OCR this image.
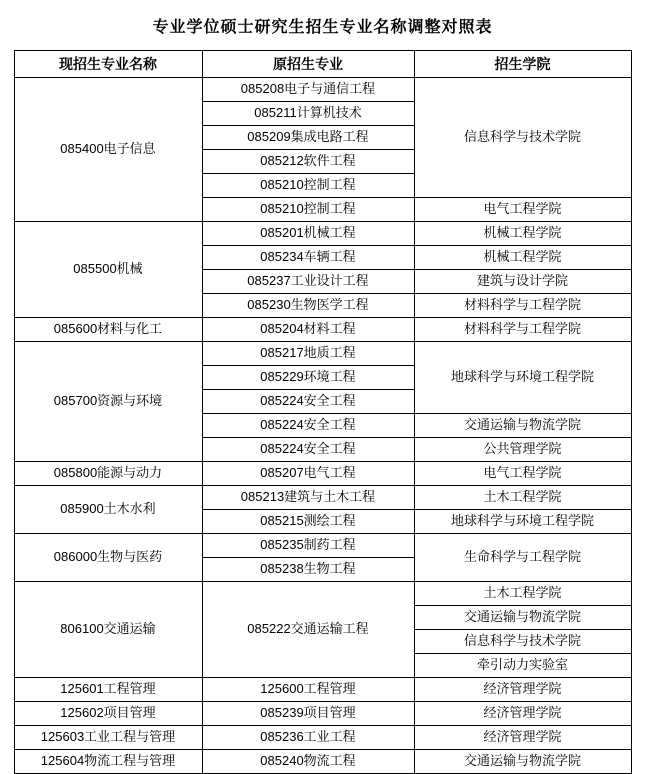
专业学位硕士研究生招生专业名称调整对照表
现招生专业名称	原招生专业	招生学院
085400电子信息	085208电子与通信工程	信息科学与技术学院
	085211计算机技术	
	085209集成电路工程	
	085212软件工程	
	085210控制工程	
	085210控制工程	电气工程学院
085500机械	085201机械工程	机械工程学院
	085234车辆工程	机械工程学院
	085237工业设计工程	建筑与设计学院
	085230生物医学工程	材料科学与工程学院
085600材料与化工	085204材料工程	材料科学与工程学院
085700资源与环境	085217地质工程	地球科学与环境工程学院
	085229环境工程	
	085224安全工程	
	085224安全工程	交通运输与物流学院
	085224安全工程	公共管理学院
085800能源与动力	085207电气工程	电气工程学院
085900土木水利	085213建筑与土木工程	土木工程学院
	085215测绘工程	地球科学与环境工程学院
086000生物与医药	085235制药工程	生命科学与工程学院
	085238生物工程	
806100交通运输	085222交通运输工程	土木工程学院
		交通运输与物流学院
		信息科学与技术学院
		牵引动力实验室
125601工程管理	125600工程管理	经济管理学院
125602项目管理	085239项目管理	经济管理学院
125603工业工程与管理	085236工业工程	经济管理学院
125604物流工程与管理	085240物流工程	交通运输与物流学院
